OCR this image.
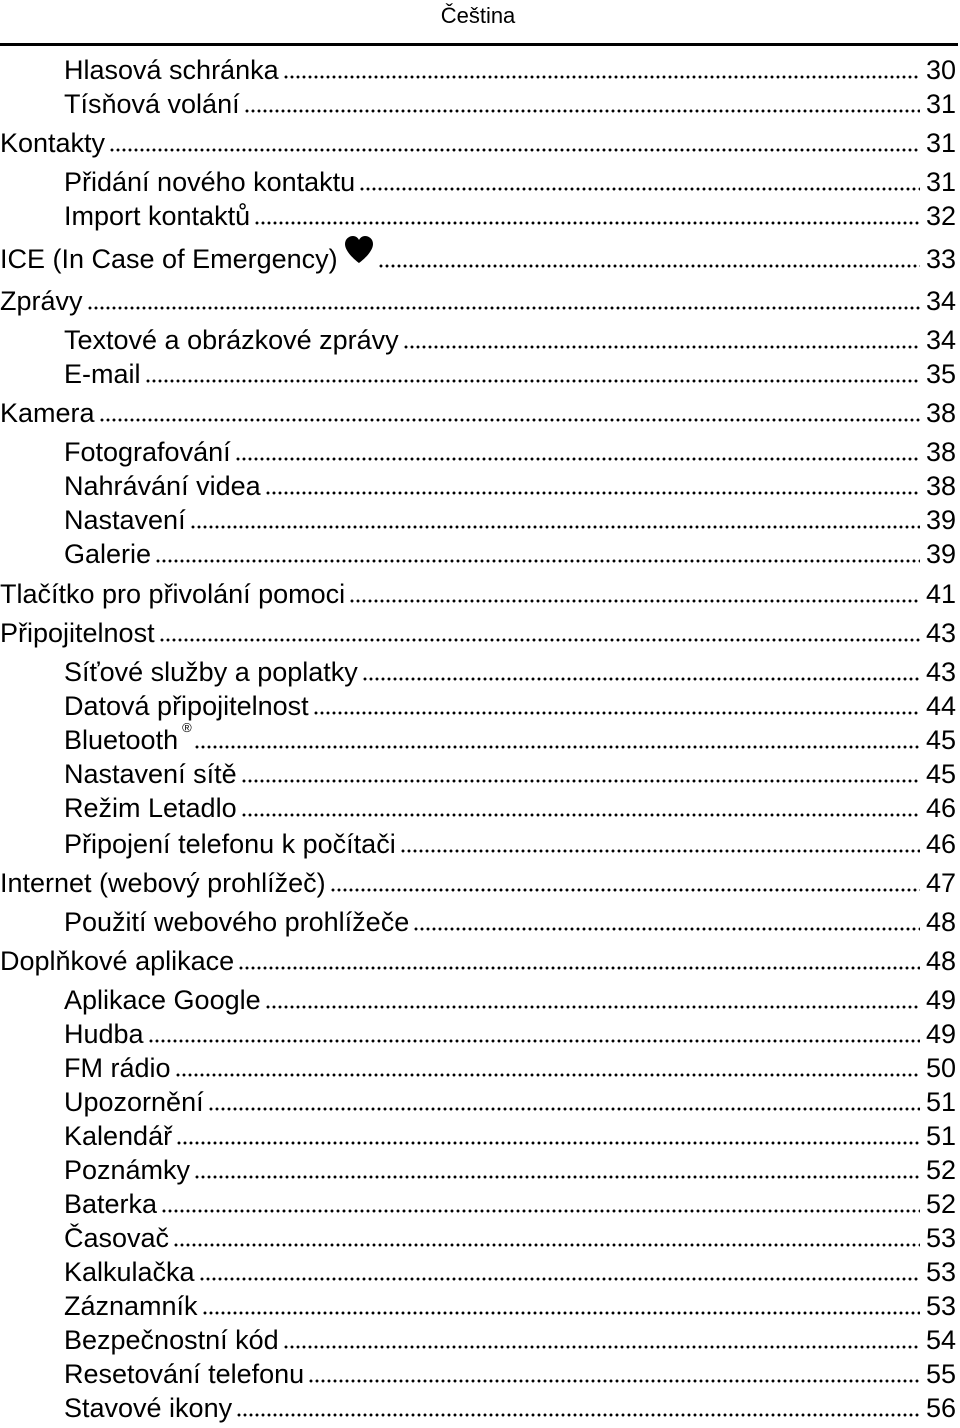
Čeština
Hlasová schránka	30
Tísňová volání	31
Kontakty	31
Přidání nového kontaktu	31
Import kontaktů	32
ICE (In Case of Emergency)	33
Zprávy	34
Textové a obrázkové zprávy	34
E-mail	35
Kamera	38
Fotografování	38
Nahrávání videa	38
Nastavení	39
Galerie	39
Tlačítko pro přivolání pomoci	41
Připojitelnost	43
Síťové služby a poplatky	43
Datová připojitelnost	44
Bluetooth ®	45
Nastavení sítě	45
Režim Letadlo	46
Připojení telefonu k počítači	46
Internet (webový prohlížeč)	47
Použití webového prohlížeče	48
Doplňkové aplikace	48
Aplikace Google	49
Hudba	49
FM rádio	50
Upozornění	51
Kalendář	51
Poznámky	52
Baterka	52
Časovač	53
Kalkulačka	53
Záznamník	53
Bezpečnostní kód	54
Resetování telefonu	55
Stavové ikony	56
